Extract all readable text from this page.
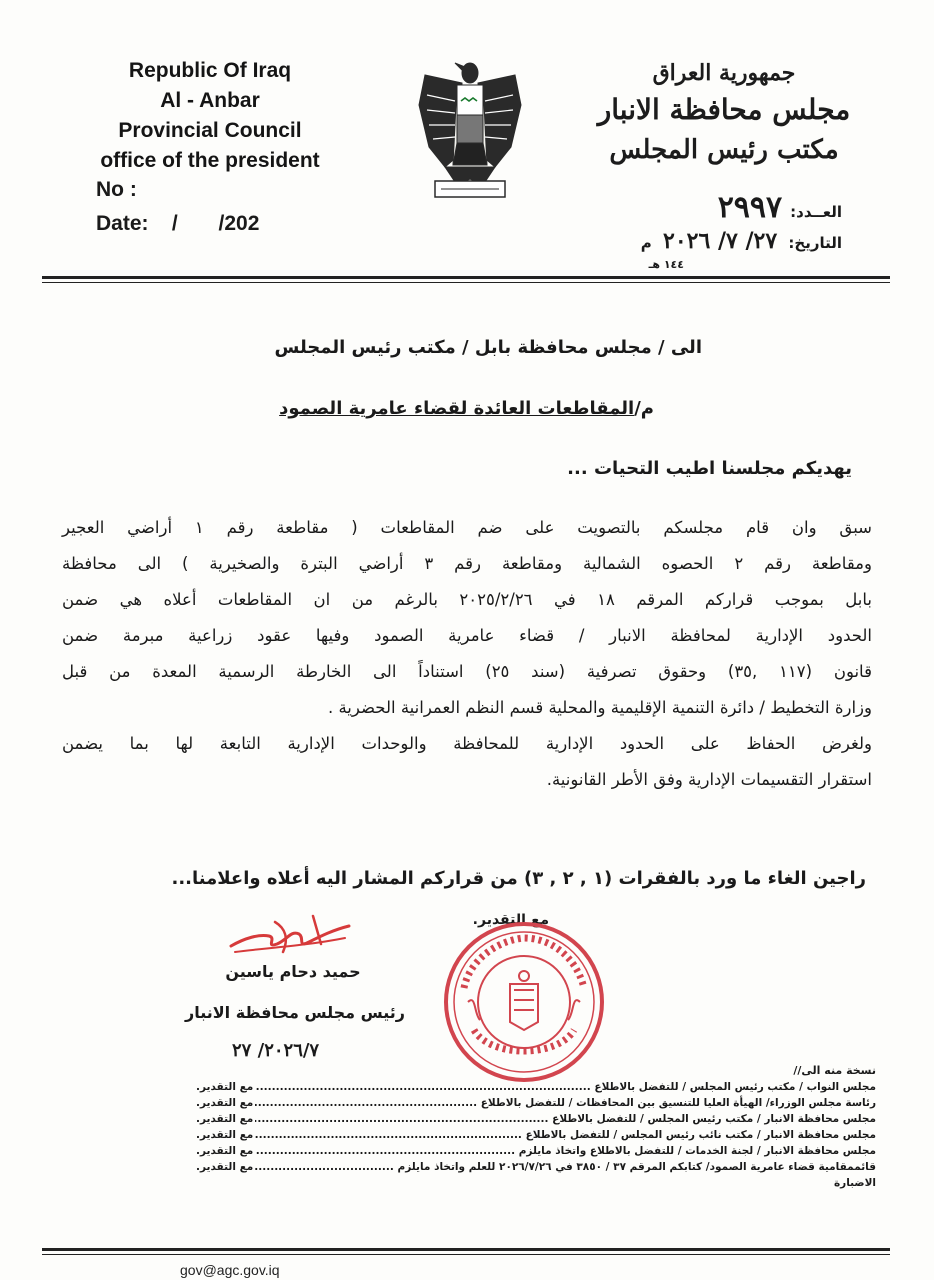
Republic Of Iraq
Al - Anbar
Provincial Council
office of the president
No :
Date:    /       /202
جمهورية العراق
مجلس محافظة الانبار
مكتب رئيس المجلس
العــدد:٢٩٩٧
التاريخ: ٢٧/ ٧/ ٢٠٢٦ م
١٤٤ هـ
الى / مجلس محافظة بابل / مكتب رئيس المجلس
م/المقاطعات العائدة لقضاء عامرية الصمود
يهديكم مجلسنا اطيب التحيات ...
سبق وان قام مجلسكم بالتصويت على ضم المقاطعات ( مقاطعة رقم ١ أراضي العجير
ومقاطعة رقم ٢ الحصوه الشمالية ومقاطعة رقم ٣ أراضي البترة والصخيرية ) الى محافظة
بابل بموجب قراركم المرقم ١٨ في ٢٠٢٥/٢/٢٦ بالرغم من ان المقاطعات أعلاه هي ضمن
الحدود الإدارية لمحافظة الانبار / قضاء عامرية الصمود وفيها عقود زراعية مبرمة ضمن
قانون (١١٧ ,٣٥) وحقوق تصرفية (سند ٢٥) استناداً الى الخارطة الرسمية المعدة من قبل
وزارة التخطيط / دائرة التنمية الإقليمية والمحلية قسم النظم العمرانية الحضرية .
ولغرض الحفاظ على الحدود الإدارية للمحافظة والوحدات الإدارية التابعة لها بما يضمن
استقرار التقسيمات الإدارية وفق الأطر القانونية.
راجين الغاء ما ورد بالفقرات (١ , ٢ , ٣) من قراركم المشار اليه أعلاه واعلامنا...
مع التقدير.
حميد دحام ياسين
رئيس مجلس محافظة الانبار
٢٠٢٦/٧/ ٢٧
نسخة منه الى//
مجلس النواب / مكتب رئيس المجلس / للتفضل بالاطلاع .....
مع التقدير.
رئاسة مجلس الوزراء/ الهيأة العليا للتنسيق بين المحافظات / للتفضل بالاطلاع .....
مع التقدير.
مجلس محافظة الانبار / مكتب رئيس المجلس / للتفضل بالاطلاع .....
مع التقدير.
مجلس محافظة الانبار / مكتب نائب رئيس المجلس / للتفضل بالاطلاع .....
مع التقدير.
مجلس محافظة الانبار / لجنة الخدمات / للتفضل بالاطلاع واتخاذ مايلزم .....
مع التقدير.
قائممقامية قضاء عامرية الصمود/ كتابكم المرقم ٣٧ / ٣٨٥٠ في ٢٠٢٦/٧/٢٦ للعلم واتخاذ مايلزم .....
مع التقدير.
الاضبارة
gov@agc.gov.iq
